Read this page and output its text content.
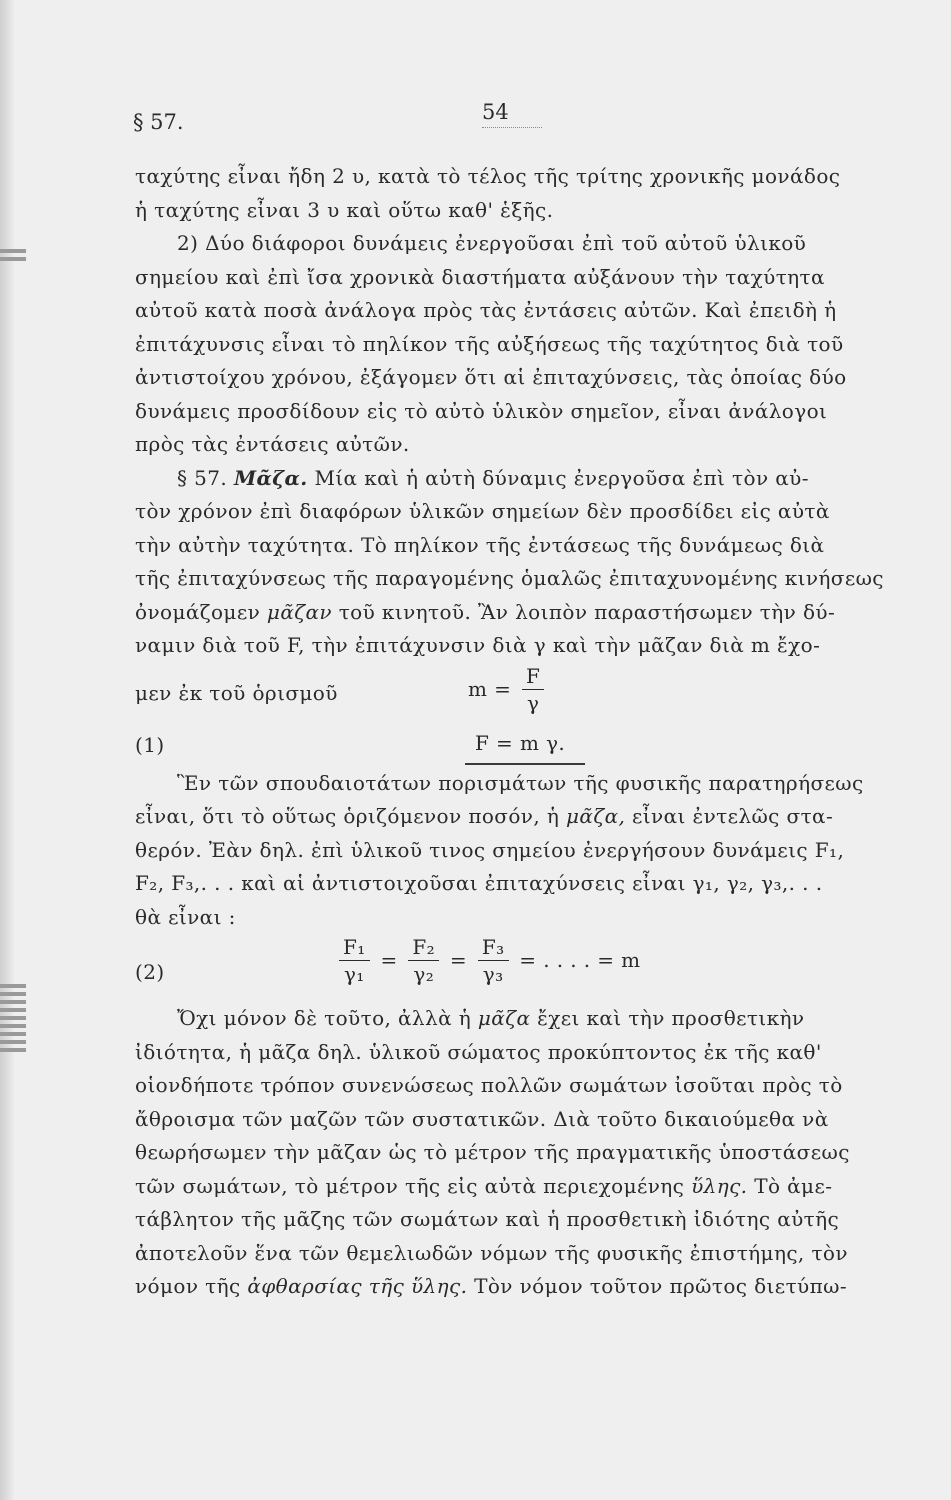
§ 57.	54

ταχύτης εἶναι ἤδη 2 υ, κατὰ τὸ τέλος τῆς τρίτης χρονικῆς μονάδος
ἡ ταχύτης εἶναι 3 υ καὶ οὕτω καθ' ἑξῆς.

2) Δύο διάφοροι δυνάμεις ἐνεργοῦσαι ἐπὶ τοῦ αὐτοῦ ὑλικοῦ
σημείου καὶ ἐπὶ ἴσα χρονικὰ διαστήματα αὐξάνουν τὴν ταχύτητα
αὐτοῦ κατὰ ποσὰ ἀνάλογα πρὸς τὰς ἐντάσεις αὐτῶν. Καὶ ἐπειδὴ ἡ
ἐπιτάχυνσις εἶναι τὸ πηλίκον τῆς αὐξήσεως τῆς ταχύτητος διὰ τοῦ
ἀντιστοίχου χρόνου, ἐξάγομεν ὅτι αἱ ἐπιταχύνσεις, τὰς ὁποίας δύο
δυνάμεις προσδίδουν εἰς τὸ αὐτὸ ὑλικὸν σημεῖον, εἶναι ἀνάλογοι
πρὸς τὰς ἐντάσεις αὐτῶν.

§ 57. Μᾶζα. Μία καὶ ἡ αὐτὴ δύναμις ἐνεργοῦσα ἐπὶ τὸν αὐ-
τὸν χρόνον ἐπὶ διαφόρων ὑλικῶν σημείων δὲν προσδίδει εἰς αὐτὰ
τὴν αὐτὴν ταχύτητα. Τὸ πηλίκον τῆς ἐντάσεως τῆς δυνάμεως διὰ
τῆς ἐπιταχύνσεως τῆς παραγομένης ὁμαλῶς ἐπιταχυνομένης κινήσεως
ὀνομάζομεν μᾶζαν τοῦ κινητοῦ. Ἂν λοιπὸν παραστήσωμεν τὴν δύ-
ναμιν διὰ τοῦ F, τὴν ἐπιτάχυνσιν διὰ γ καὶ τὴν μᾶζαν διὰ m ἔχο-
μεν ἐκ τοῦ ὁρισμοῦ	$m = \frac{F}{\gamma}$

(1)	F = m γ.

Ἓν τῶν σπουδαιοτάτων πορισμάτων τῆς φυσικῆς παρατηρήσεως
εἶναι, ὅτι τὸ οὕτως ὁριζόμενον ποσόν, ἡ μᾶζα, εἶναι ἐντελῶς στα-
θερόν. Ἐὰν δηλ. ἐπὶ ὑλικοῦ τινος σημείου ἐνεργήσουν δυνάμεις F₁,
F₂, F₃,. . . καὶ αἱ ἀντιστοιχοῦσαι ἐπιταχύνσεις εἶναι γ₁, γ₂, γ₃,. . .
θὰ εἶναι :

(2)	$\frac{\text{F₁}}{\text{γ₁}} = \frac{\text{F₂}}{\text{γ₂}} = \frac{\text{F₃}}{\text{γ₃}}$ = . . . . = m

Ὄχι μόνον δὲ τοῦτο, ἀλλὰ ἡ μᾶζα ἔχει καὶ τὴν προσθετικὴν
ἰδιότητα, ἡ μᾶζα δηλ. ὑλικοῦ σώματος προκύπτοντος ἐκ τῆς καθ'
οἱονδήποτε τρόπον συνενώσεως πολλῶν σωμάτων ἰσοῦται πρὸς τὸ
ἄθροισμα τῶν μαζῶν τῶν συστατικῶν. Διὰ τοῦτο δικαιούμεθα νὰ
θεωρήσωμεν τὴν μᾶζαν ὡς τὸ μέτρον τῆς πραγματικῆς ὑποστάσεως
τῶν σωμάτων, τὸ μέτρον τῆς εἰς αὐτὰ περιεχομένης ὕλης. Τὸ ἀμε-
τάβλητον τῆς μᾶζης τῶν σωμάτων καὶ ἡ προσθετικὴ ἰδιότης αὐτῆς
ἀποτελοῦν ἕνα τῶν θεμελιωδῶν νόμων τῆς φυσικῆς ἐπιστήμης, τὸν
νόμον τῆς ἀφθαρσίας τῆς ὕλης. Τὸν νόμον τοῦτον πρῶτος διετύπω-
